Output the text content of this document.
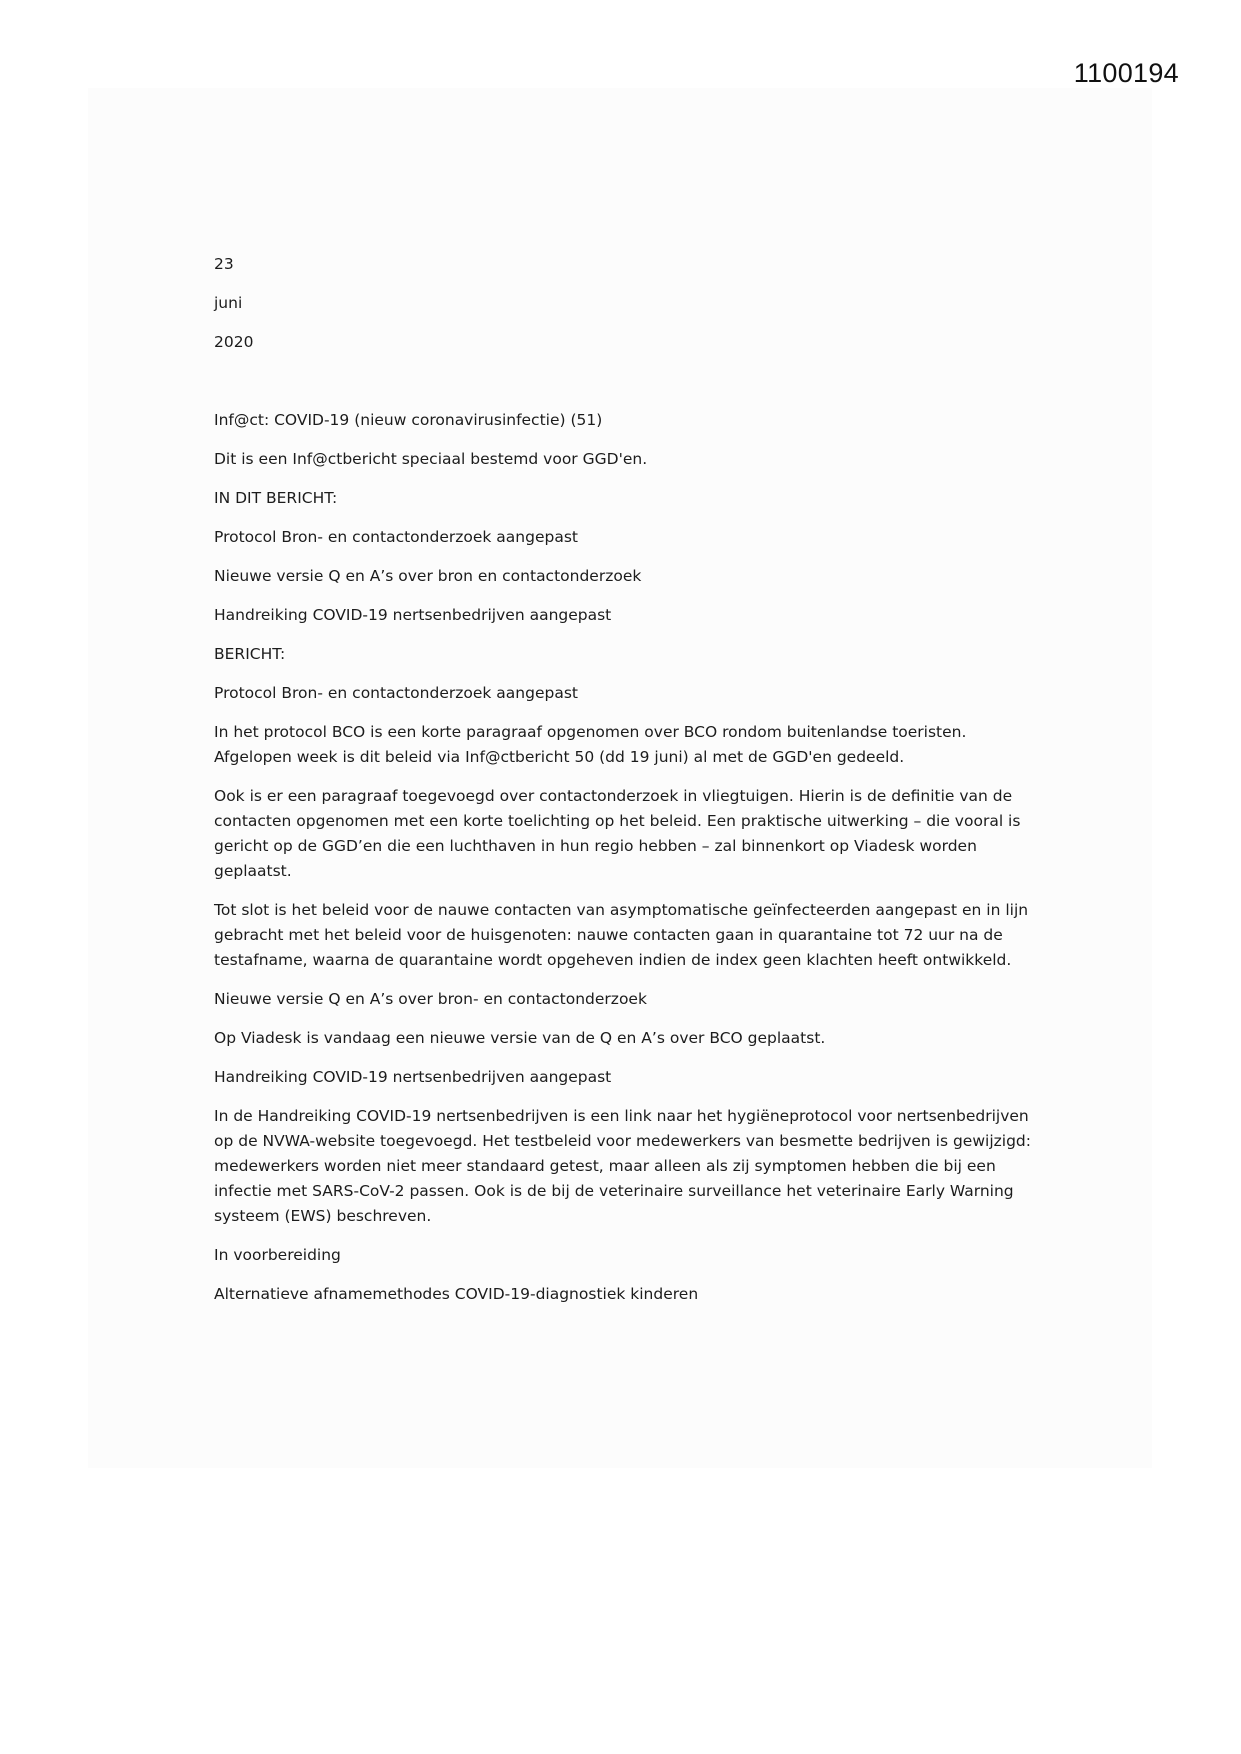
1100194
23
juni
2020

Inf@ct: COVID-19 (nieuw coronavirusinfectie) (51)

Dit is een Inf@ctbericht speciaal bestemd voor GGD'en.

IN DIT BERICHT:

Protocol Bron- en contactonderzoek aangepast

Nieuwe versie Q en A’s over bron en contactonderzoek

Handreiking COVID-19 nertsenbedrijven aangepast

BERICHT:

Protocol Bron- en contactonderzoek aangepast

In het protocol BCO is een korte paragraaf opgenomen over BCO rondom buitenlandse toeristen. Afgelopen week is dit beleid via Inf@ctbericht 50 (dd 19 juni) al met de GGD'en gedeeld.

Ook is er een paragraaf toegevoegd over contactonderzoek in vliegtuigen. Hierin is de definitie van de contacten opgenomen met een korte toelichting op het beleid. Een praktische uitwerking – die vooral is gericht op de GGD’en die een luchthaven in hun regio hebben – zal binnenkort op Viadesk worden geplaatst.

Tot slot is het beleid voor de nauwe contacten van asymptomatische geïnfecteerden aangepast en in lijn gebracht met het beleid voor de huisgenoten: nauwe contacten gaan in quarantaine tot 72 uur na de testafname, waarna de quarantaine wordt opgeheven indien de index geen klachten heeft ontwikkeld.

Nieuwe versie Q en A’s over bron- en contactonderzoek

Op Viadesk is vandaag een nieuwe versie van de Q en A’s over BCO geplaatst.

Handreiking COVID-19 nertsenbedrijven aangepast

In de Handreiking COVID-19 nertsenbedrijven is een link naar het hygiëneprotocol voor nertsenbedrijven op de NVWA-website toegevoegd. Het testbeleid voor medewerkers van besmette bedrijven is gewijzigd: medewerkers worden niet meer standaard getest, maar alleen als zij symptomen hebben die bij een infectie met SARS-CoV-2 passen. Ook is de bij de veterinaire surveillance het veterinaire Early Warning systeem (EWS) beschreven.

In voorbereiding

Alternatieve afnamemethodes COVID-19-diagnostiek kinderen
